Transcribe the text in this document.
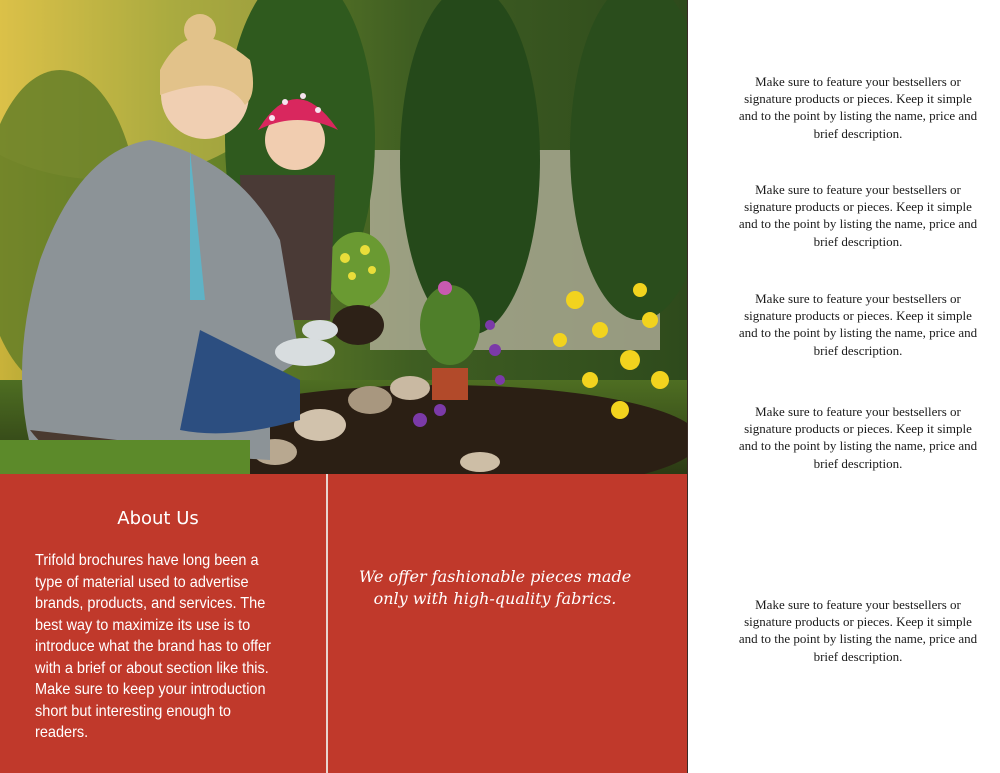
About Us
Trifold brochures have long been a type of material used to advertise brands, products, and services. The best way to maximize its use is to introduce what the brand has to offer with a brief or about section like this. Make sure to keep your introduction short but interesting enough to readers.
We offer fashionable pieces made only with high-quality fabrics.
Make sure to feature your bestsellers or signature products or pieces. Keep it simple and to the point by listing the name, price and brief description.
Make sure to feature your bestsellers or signature products or pieces. Keep it simple and to the point by listing the name, price and brief description.
Make sure to feature your bestsellers or signature products or pieces. Keep it simple and to the point by listing the name, price and brief description.
Make sure to feature your bestsellers or signature products or pieces. Keep it simple and to the point by listing the name, price and brief description.
Make sure to feature your bestsellers or signature products or pieces. Keep it simple and to the point by listing the name, price and brief description.
